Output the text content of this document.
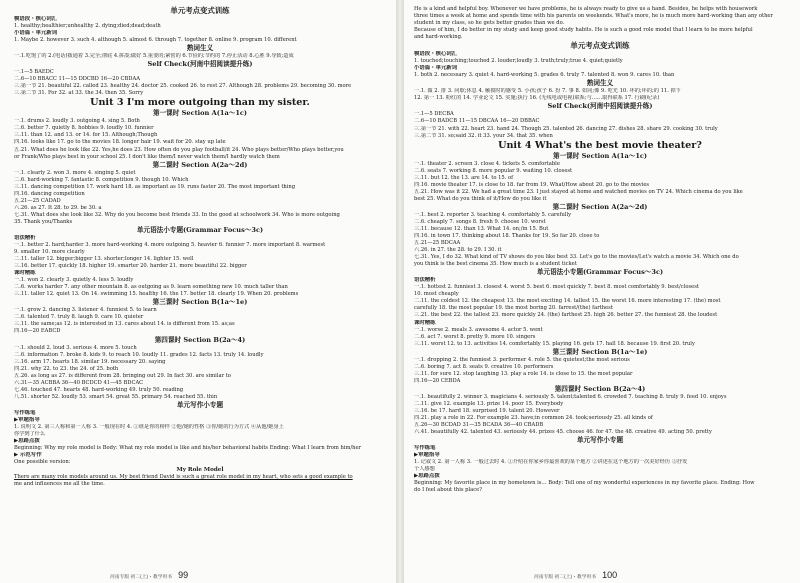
单元考点变式训练
模语段・核心词汇
1. healthy;healthier;unhealthy 2. dying;died;dead;death
小语篇・单元新词
1. Maybe 2. however 3. such 4. although 5. almost 6. through 7. together 8. online 9. program 10. different
熟词生义
一.1.吃饱了的 2.(电话)拨通着 3.完全;彻底 4.拼凑;做好 5.重要的;紧密的 6.节俭的;节约的 7.停止活动 8.心胜 9.导致;造成
Self Check(河南中招阅读提升练)
一.1—5 BAEDC
二.6—10 BBACC 11—15 DDCBD 16—20 CBDAA
三.第一节 21. beautiful 22. called 23. healthy 24. doctor 25. cooked 26. to rest 27. Although 28. problems 29. becoming 30. more
三.第二节 31. For 32. at 33. the 34. then 35. Sorry
Unit 3 I'm more outgoing than my sister.
第一课时 Section A(1a～1c)
一.1. drums 2. loudly 3. outgoing 4. sing 5. Both
二.6. better 7. quietly 8. hobbies 9. loudly 10. funnier
三.11. than 12. and 13. or 14. for 15. Although;Though
四.16. looks like 17. go to the movies 18. longer hair 19. wait for 20. stay up late
五.21. What does he look like 22. Yes,he does 23. How often do you play football/it 24. Who plays better/Who plays better,you
or Frank/Who plays best in your school 25. I don't like them/I never watch them/I hardly watch them
第二课时 Section A(2a～2d)
一.1. clearly 2. won 3. more 4. singing 5. quiet
二.6. hard-working 7. fantastic 8. competition 9. though 10. Which
三.11. dancing competition 17. work hard 18. as important as 19. runs faster 20. The most important thing
四.16. dancing competition
五.21—25 CADAD
六.26. as 27. It 28. to 29. be 30. a
七.31. What does she look like 32. Why do you become best friends 33. In the good at schoolwork 34. Who is more outgoing
35. Thank you/Thanks
单元语法小专题(Grammar Focus～3c)
语法精析
一.1. better 2. hard;harder 3. more hard-working 4. more outgoing 5. heavier 6. funnier 7. more important 8. warmest
9. smaller 10. more clearly
二.11. taller 12. bigger;bigger 13. shorter;longer 14. lighter 15. well
三.16. better 17. quickly 18. higher 19. smarter 20. harder 21. more beautiful 22. bigger
课时精练
一.1. won 2. clearly 3. quietly 4. less 5. loudly
二.6. works harder 7. any other mountain 8. as outgoing as 9. learn something new 10. much taller than
三.11. taller 12. quiet 13. On 14. swimming 15. healthy 16. the 17. better 18. clearly 19. When 20. problems
第三课时 Section B(1a～1e)
一.1. grow 2. dancing 3. listener 4. funniest 5. to learn
二.6. talented 7. truly 8. laugh 9. care 10. quieter
三.11. the same;as 12. is interested in 13. cares about 14. is different from 15. as;as
四.16—20 EABCD
第四课时 Section B(2a～4)
一.1. should 2. loud 3. serious 4. more 5. touch
二.6. information 7. broke 8. kids 9. to reach 10. loudly 11. grades 12. facts 13. truly 14. loudly
三.16. arm 17. hearts 18. similar 19. necessary 20. saying
四.21. why 22. to 23. the 24. of 25. both
五.26. as long as 27. is different from 28. bringing out 29. In fact 30. are similar to
六.31—35 ACBBA 36—40 BCDCD 41—45 BDCAC
七.46. touched 47. hearts 48. hard-working 49. truly 50. reading
八.51. shorter 52. loudly 53. smart 54. great 55. primary 54. reached 55. thin
单元写作小专题
写作练笔
▶审题指导
1. 说明文 2. 第三人称和第一人称 3. 一般现在时 4. ①谁是你的榜样 ②他/她的性格 ③你/她的行为方式 ④从他/她身上
你学到了什么
▶思路点拨
Beginning: Why my role model is Body: What my role model is like and his/her behavioral habits Ending: What I learn from him/her
▶ 示范写作
One possible version:
My Role Model
There are many role models around us. My best friend David is such a great role model in my heart, who sets a good example to
me and influences me all the time.
河南专版 初二(上)・教学用书 99
He is a kind and helpful boy. Whenever we have problems, he is always ready to give us a hand. Besides, he helps with housework
three times a week at home and spends time with his parents on weekends. What's more, he is much more hard-working than any other
student in my class, so he gets better grades than we do.
Because of him, I do better in my study and keep good study habits. He is such a good role model that I learn to be more helpful
and hard-working.
单元考点变式训练
模语段・核心词汇
1. touched;touching;touched 2. louder;loudly 3. truth;truly;true 4. quiet;quietly
小语篇・单元新词
1. both 2. necessary 3. quiet 4. hard-working 5. grades 6. truly 7. talented 8. won 9. cares 10. than
熟词生义
一.1. 做 2. 排 3. 问歇;休息 4. 触摸时的感受 5. 小孩;孩子 6. 扮 7. 事 8. 如同;像 9. 吃光 10. 坏的;坏的;的 11. 掉下
12. 第一 13. 粉红的 14. 学业论文 15. 实施;执行 16. (无线电或电视)联系;与……取得联系 17. 行刷(纪录)
Self Check(河南中招阅读提升练)
一.1—5 DECBA
二.6—10 BADCB 11—15 DBCAA 16—20 DBBAC
三.第一节 21. with 22. heart 23. hand 24. Though 25. talented 26. dancing 27. dishes 28. share 29. cooking 30. truly
三.第二节 31. so;said 32. it 33. your 34. that 35. when
Unit 4 What's the best movie theater?
第一课时 Section A(1a～1c)
一.1. theater 2. screen 3. close 4. tickets 5. comfortable
二.6. seats 7. working 8. more popular 9. waiting 10. closest
三.11. but 12. the 13. are 14. to 15. of
四.16. movie theater 17. is close to 18. far from 19. What/How about 20. go to the movies
五.21. How was it 22. We had a great time 23. I just stayed at home and watched movies on TV 24. Which cinema do you like
best 25. What do you think of it/How do you like it
第二课时 Section A(2a～2d)
一.1. best 2. reporter 3. teaching 4. comfortably 5. carefully
二.6. cheaply 7. songs 8. fresh 9. choose 10. worst
三.11. because 12. than 13. What 14. on;/in 15. But
四.16. in town 17. thinking about 18. Thanks for 19. So far 20. close to
五.21—25 BDCAA
六.26. in 27. the 28. to 29. I 30. it
七.31. Yes, I do 32. What kind of TV shows do you like best 33. Let's go to the movies/Let's watch a movie 34. Which one do
you think is the best cinema 35. How much is a student ticket
单元语法小专题(Grammar Focus～3c)
语法精析
一.1. hottest 2. funniest 3. closest 4. worst 5. best 6. most quickly 7. best 8. most comfortably 9. best/closest
10. most cheaply
二.11. the coldest 12. the cheapest 13. the most exciting 14. tallest 15. the worst 16. more interesting 17. (the) most
carefully 18. the most popular 19. the most boring 20. farrest/(the) farthest
三.21. the best 22. the tallest 23. more quickly 24. (the) farthest 25. high 26. better 27. the funniest 28. the loudest
课时精练
一.1. worse 2. meals 3. awesome 4. actor 5. went
二.6. act 7. worst 8. pretty 9. more 10. singers
三.11. worst 12. to 13. activities 14. comfortably 15. playing 16. gets 17. hall 18. because 19. first 20. truly
第三课时 Section B(1a～1e)
一.1. dropping 2. the funniest 3. performer 4. role 5. the quietest;the most serious
二.6. boring 7. act 8. seats 9. creative 10. performers
三.11. for sure 12. stop laughing 13. play a role 14. is close to 15. the most popular
四.16—20 CEBDA
第四课时 Section B(2a～4)
一.1. beautifully 2. winner 3. magicians 4. seriously 5. talent;talented 6. crowded 7. teaching 8. truly 9. feed 10. enjoys
二.11. give 12. example 13. prize 14. poor 15. Everybody
三.16. be 17. hard 18. surprised 19. talent 20. However
四.21. play a role in 22. For example 23. have;in common 24. took;seriously 25. all kinds of
五.26—30 BCDAD 31—35 BCADA 36—40 CBADB
六.41. beautifully 42. talented 43. seriously 44. prizes 45. choose 46. for 47. the 48. creative 49. acting 50. pretty
单元写作小专题
写作练笔
▶审题指导
1. 记叙文 2. 第一人称 3. 一般过去时 4. ①介绍在你家乡你最喜欢的某个地方 ②讲述在这个地方的一次美好经历 ③抒发
个人感想
▶思路点拨
Beginning: My favorite place in my hometown is… Body: Tell one of my wonderful experiences in my favorite place. Ending: How
do I feel about this place?
河南专版 初二(上)・教学用书 100
